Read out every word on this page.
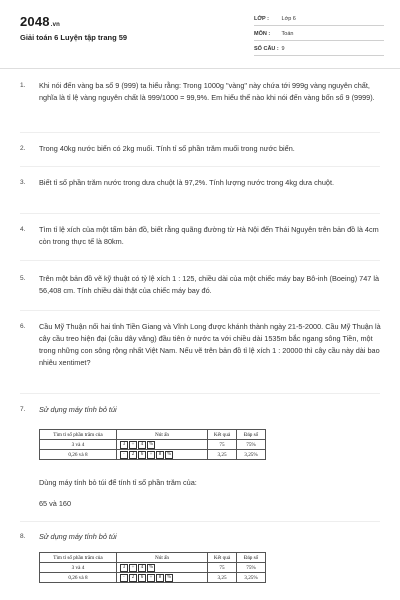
2048.vn
Giải toán 6 Luyện tập trang 59
LỚP : Lớp 6
MÔN : Toán
SỐ CÂU : 9
1. Khi nói đến vàng ba số 9 (999) ta hiểu rằng: Trong 1000g "vàng" này chứa tới 999g vàng nguyên chất, nghĩa là tỉ lệ vàng nguyên chất là 999/1000 = 99,9%. Em hiểu thế nào khi nói đến vàng bốn số 9 (9999).
2. Trong 40kg nước biển có 2kg muối. Tính tỉ số phần trăm muối trong nước biển.
3. Biết tỉ số phần trăm nước trong dưa chuột là 97,2%. Tính lượng nước trong 4kg dưa chuột.
4. Tìm tỉ lệ xích của một tấm bản đồ, biết rằng quãng đường từ Hà Nội đến Thái Nguyên trên bản đồ là 4cm còn trong thực tế là 80km.
5. Trên một bản đồ vẽ kỹ thuật có tỷ lệ xích 1 : 125, chiều dài của một chiếc máy bay Bô-inh (Boeing) 747 là 56,408 cm. Tính chiều dài thật của chiếc máy bay đó.
6. Cầu Mỹ Thuận nối hai tỉnh Tiền Giang và Vĩnh Long được khánh thành ngày 21-5-2000. Cầu Mỹ Thuận là cây cầu treo hiện đại (cầu dây văng) đầu tiên ở nước ta với chiều dài 1535m bắc ngang sông Tiền, một trong những con sông rộng nhất Việt Nam. Nếu vẽ trên bản đồ tỉ lệ xích 1 : 20000 thì cây cầu này dài bao nhiêu xentimet?
7. Sử dụng máy tính bỏ túi
Tìm tỉ số phần trăm của	Nút ấn	Kết quả	Đáp số
3 và 4	3 ÷ 4 %	75	75%
0,26 và 8	· 2 6 ÷ 8 %	3,25	3,25%
Dùng máy tính bỏ túi để tính tỉ số phần trăm của:
65 và 160
8. Sử dụng máy tính bỏ túi
Tìm tỉ số phần trăm của	Nút ấn	Kết quả	Đáp số
3 và 4	3 ÷ 4 %	75	75%
0,26 và 8	· 2 6 ÷ 8 %	3,25	3,25%
